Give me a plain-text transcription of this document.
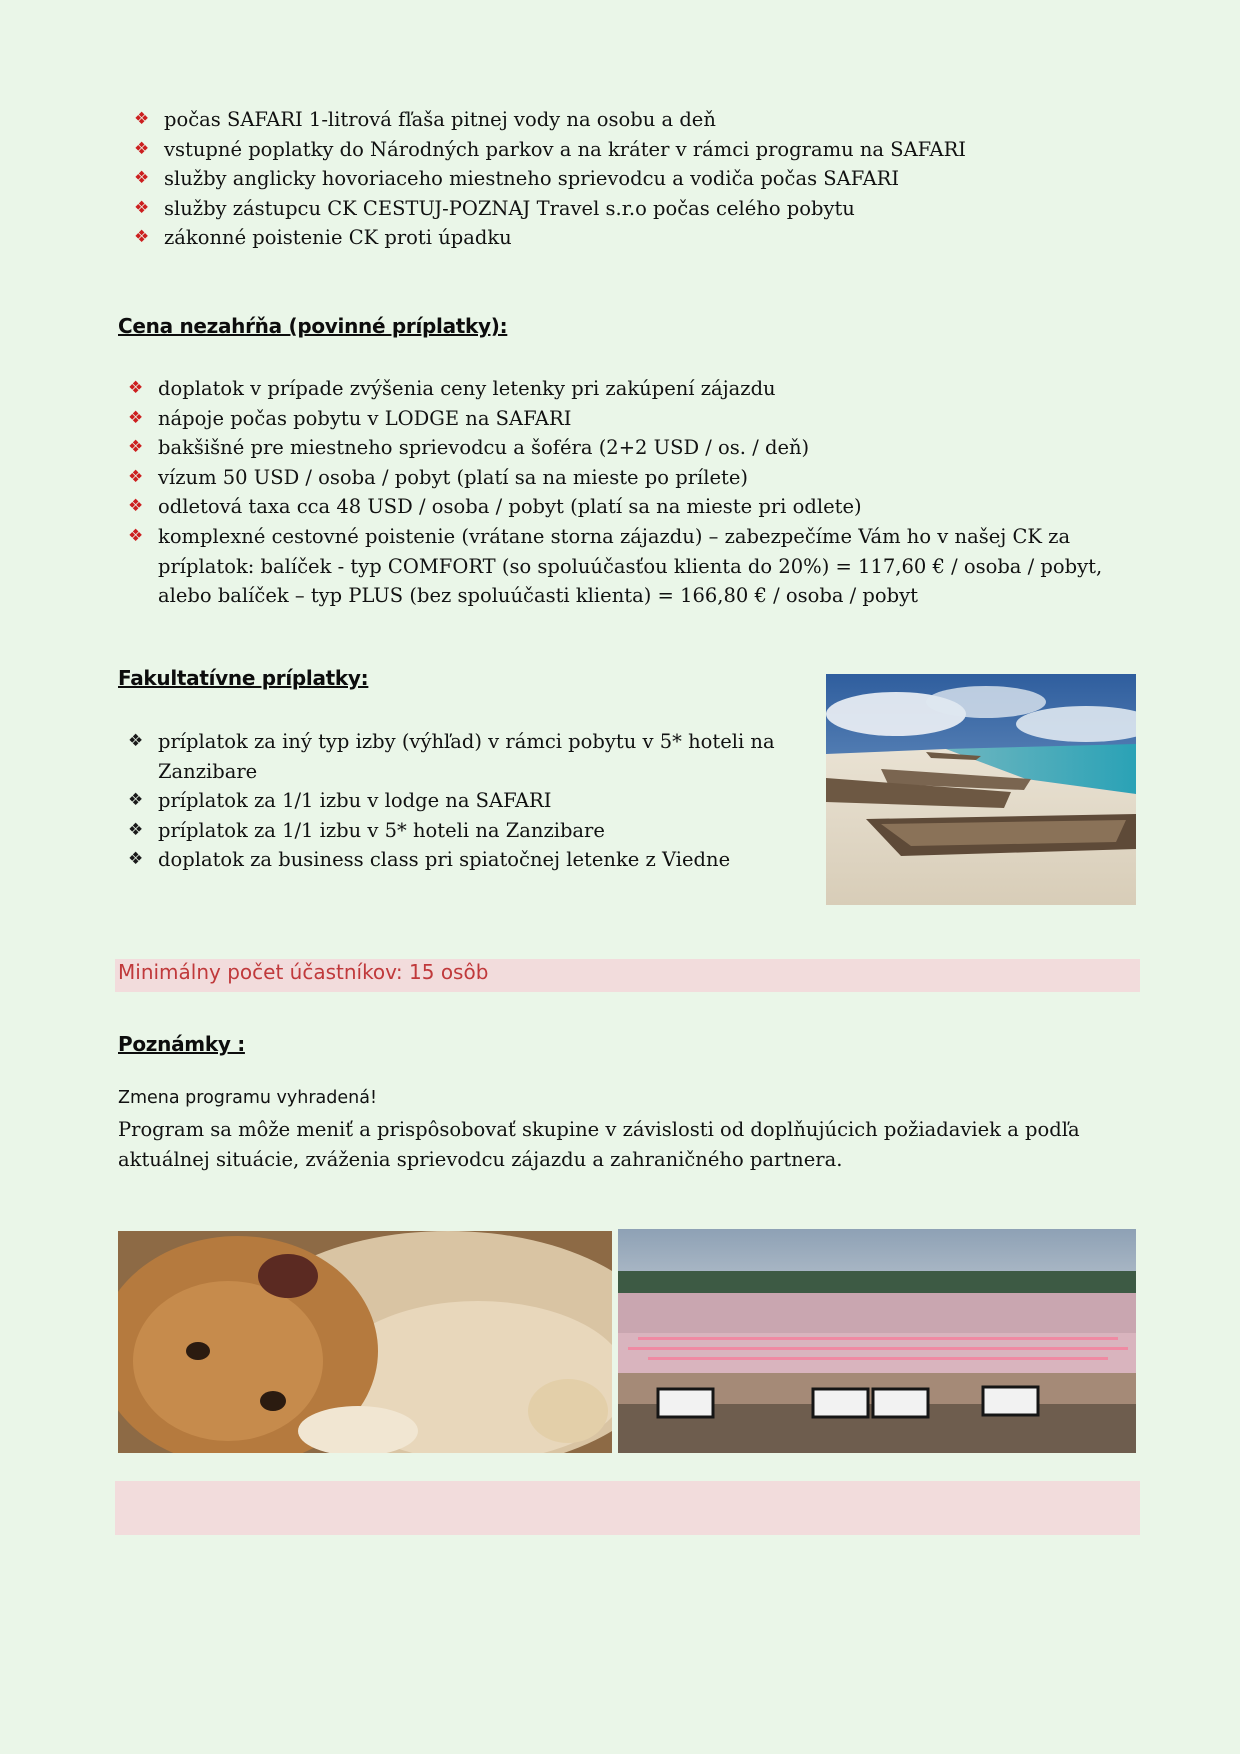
❖ počas SAFARI 1-litrová fľaša pitnej vody na osobu a deň
❖ vstupné poplatky do Národných parkov a na kráter v rámci programu na SAFARI
❖ služby anglicky hovoriaceho miestneho sprievodcu a vodiča počas SAFARI
❖ služby zástupcu CK CESTUJ-POZNAJ Travel s.r.o počas celého pobytu
❖ zákonné poistenie CK proti úpadku
Cena nezahŕňa (povinné príplatky):
❖ doplatok v prípade zvýšenia ceny letenky pri zakúpení zájazdu
❖ nápoje počas pobytu v LODGE na SAFARI
❖ bakšišné pre miestneho sprievodcu a šoféra (2+2 USD / os. / deň)
❖ vízum 50 USD / osoba / pobyt (platí sa na mieste po prílete)
❖ odletová taxa cca 48 USD / osoba / pobyt (platí sa na mieste pri odlete)
❖ komplexné cestovné poistenie (vrátane storna zájazdu) – zabezpečíme Vám ho v našej CK za príplatok: balíček - typ COMFORT (so spoluúčasťou klienta do 20%) = 117,60 € / osoba / pobyt, alebo balíček – typ PLUS (bez spoluúčasti klienta) = 166,80 € / osoba / pobyt
Fakultatívne príplatky:
❖ príplatok za iný typ izby (výhľad) v rámci pobytu v 5* hoteli na Zanzibare
❖ príplatok za 1/1 izbu v lodge na SAFARI
❖ príplatok za 1/1 izbu v 5* hoteli na Zanzibare
❖ doplatok za business class pri spiatočnej letenke z Viedne
Minimálny počet účastníkov: 15 osôb
Poznámky :
Zmena programu vyhradená!
Program sa môže meniť a prispôsobovať skupine v závislosti od doplňujúcich požiadaviek a podľa aktuálnej situácie, zváženia sprievodcu zájazdu a zahraničného partnera.
